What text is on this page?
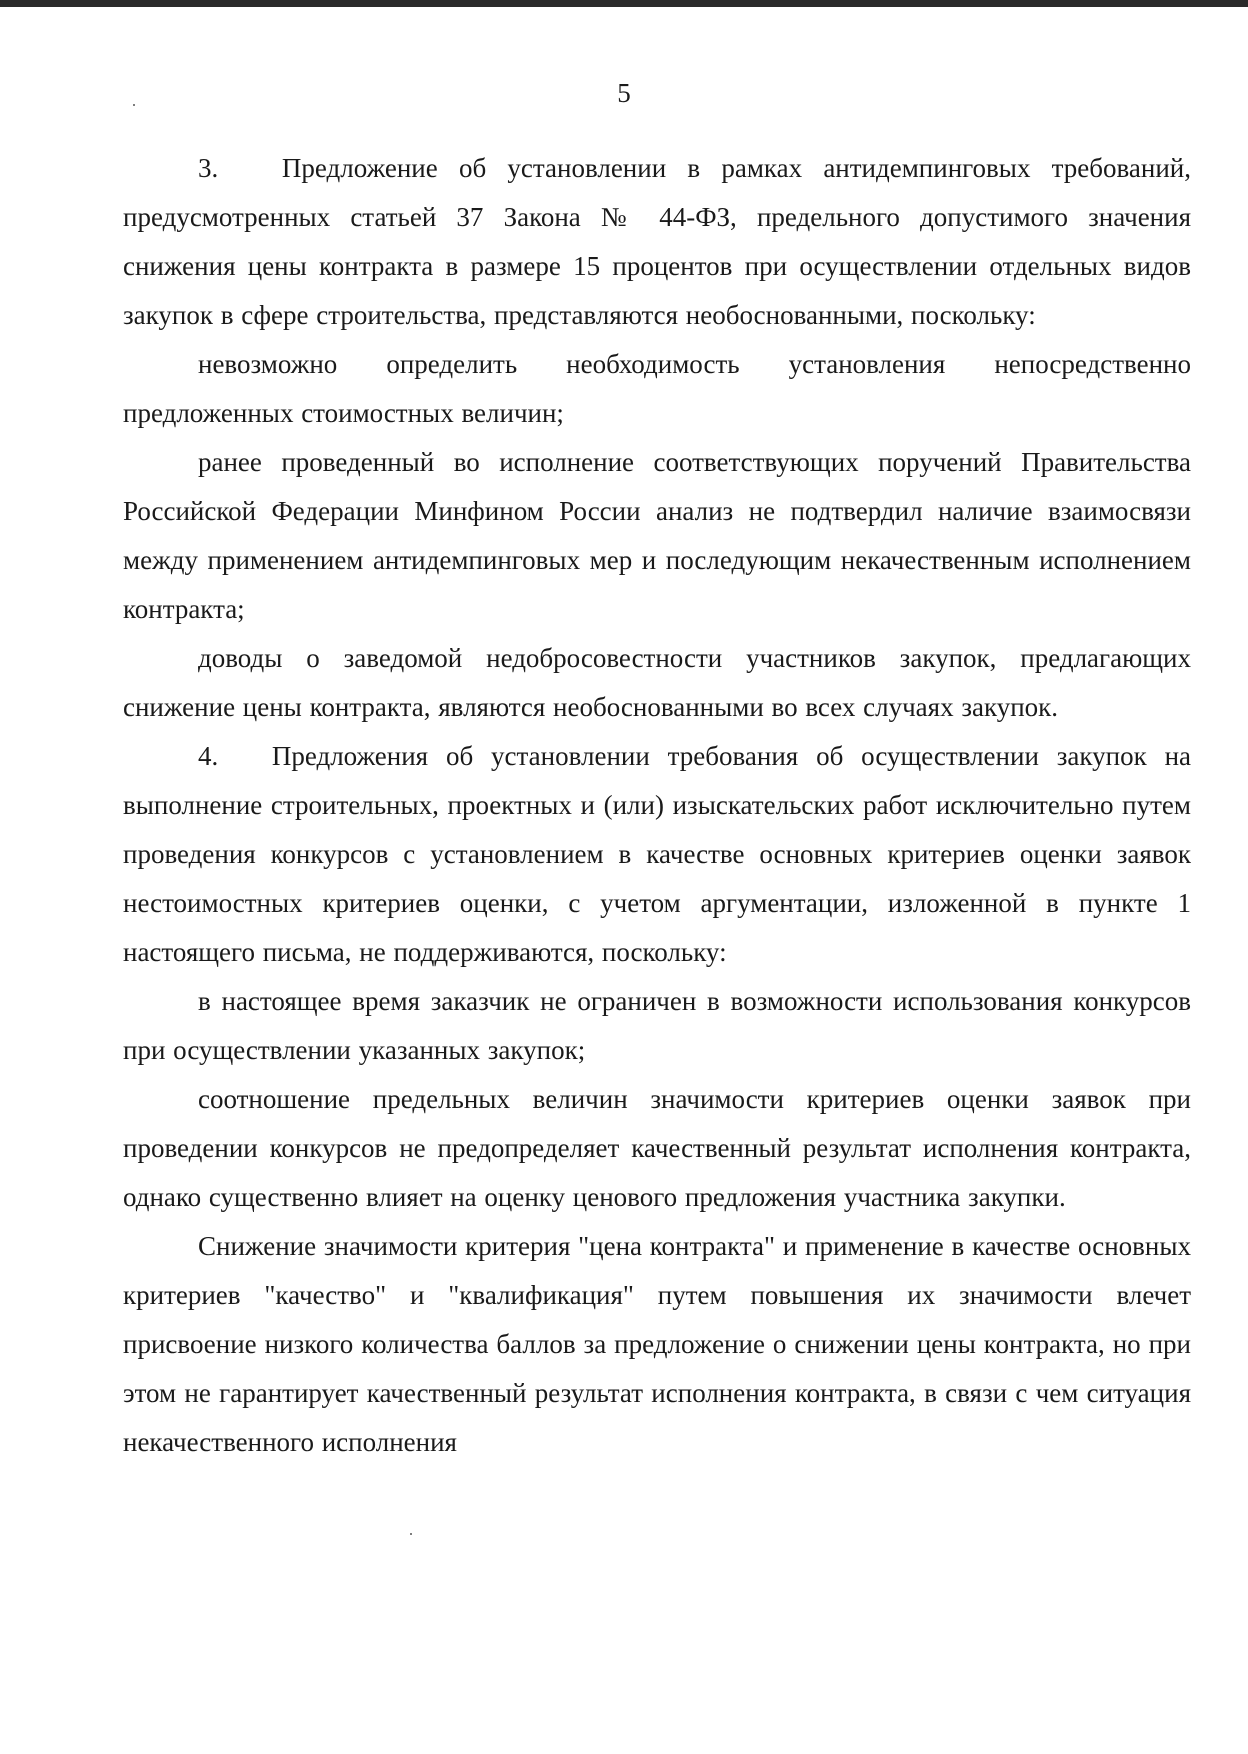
5

3.   Предложение об установлении в рамках антидемпинговых требований, предусмотренных статьей 37 Закона № 44-ФЗ, предельного допустимого значения снижения цены контракта в размере 15 процентов при осуществлении отдельных видов закупок в сфере строительства, представляются необоснованными, поскольку:

невозможно определить необходимость установления непосредственно предложенных стоимостных величин;

ранее проведенный во исполнение соответствующих поручений Правительства Российской Федерации Минфином России анализ не подтвердил наличие взаимосвязи между применением антидемпинговых мер и последующим некачественным исполнением контракта;

доводы о заведомой недобросовестности участников закупок, предлагающих снижение цены контракта, являются необоснованными во всех случаях закупок.

4.   Предложения об установлении требования об осуществлении закупок на выполнение строительных, проектных и (или) изыскательских работ исключительно путем проведения конкурсов с установлением в качестве основных критериев оценки заявок нестоимостных критериев оценки, с учетом аргументации, изложенной в пункте 1 настоящего письма, не поддерживаются, поскольку:

в настоящее время заказчик не ограничен в возможности использования конкурсов при осуществлении указанных закупок;

соотношение предельных величин значимости критериев оценки заявок при проведении конкурсов не предопределяет качественный результат исполнения контракта, однако существенно влияет на оценку ценового предложения участника закупки.

Снижение значимости критерия "цена контракта" и применение в качестве основных критериев "качество" и "квалификация" путем повышения их значимости влечет присвоение низкого количества баллов за предложение о снижении цены контракта, но при этом не гарантирует качественный результат исполнения контракта, в связи с чем ситуация некачественного исполнения
